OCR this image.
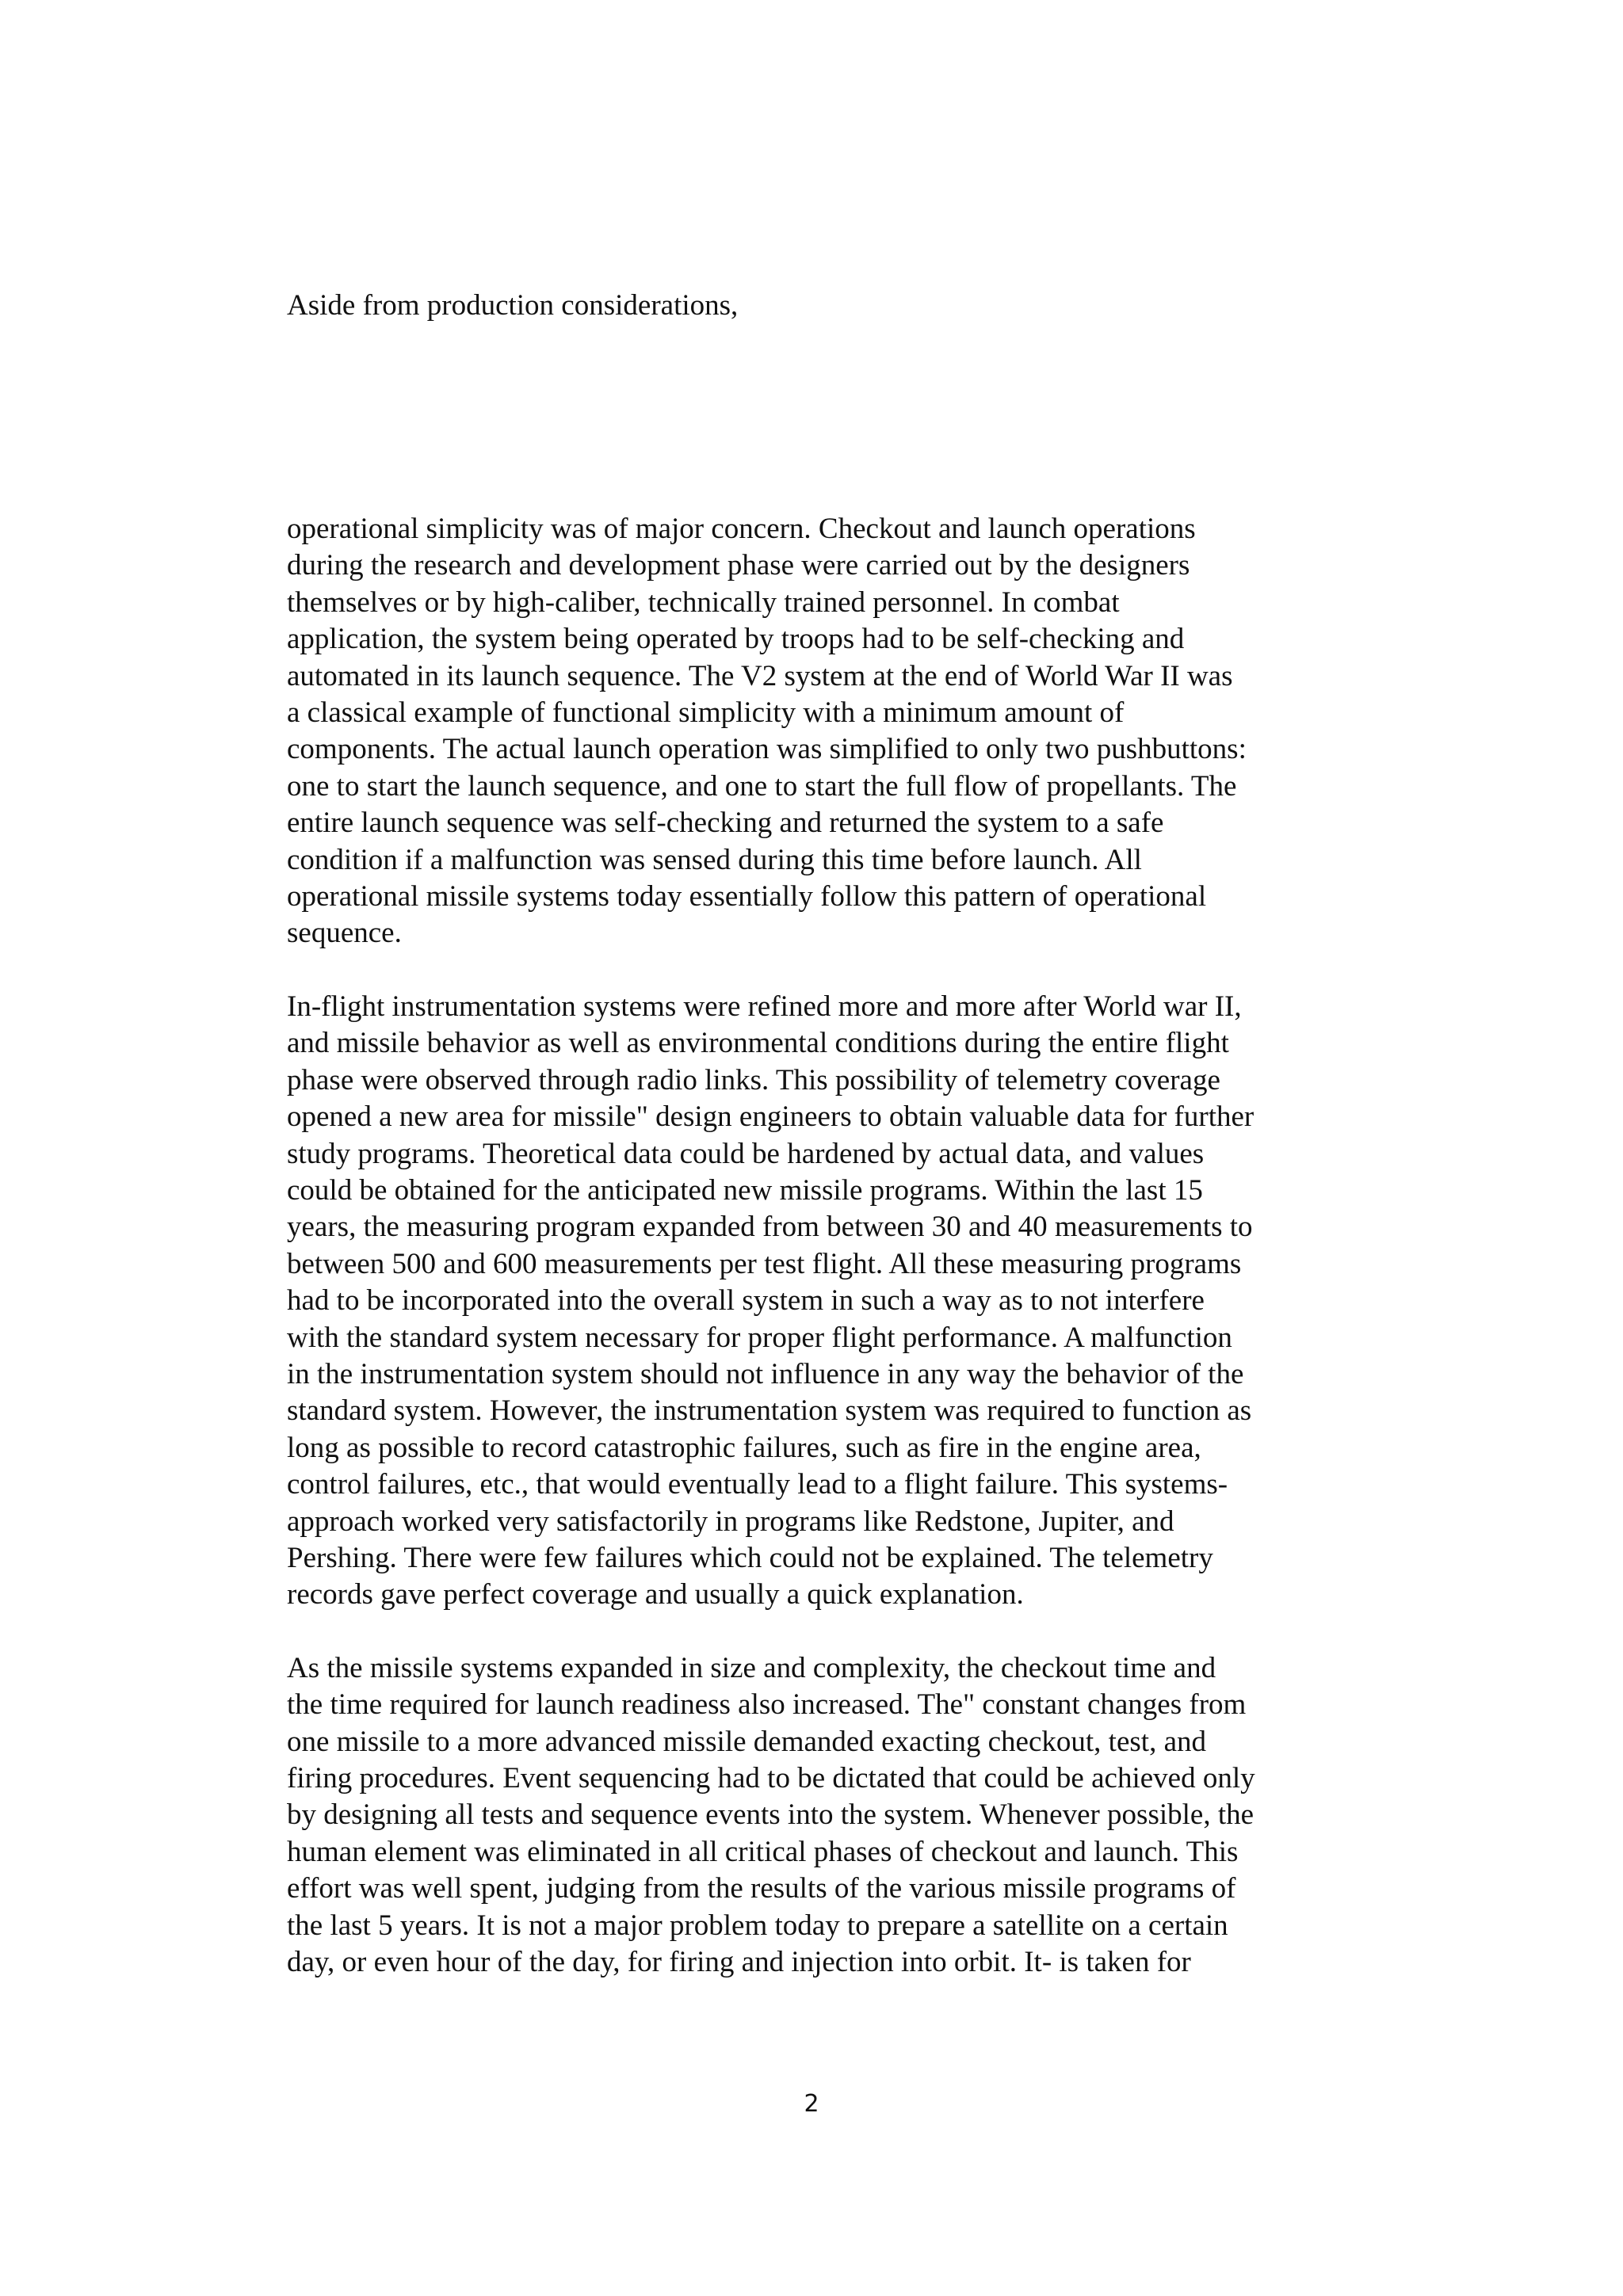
Aside from production considerations,
operational simplicity was of major concern. Checkout and launch operations
during the research and development phase were carried out by the designers
themselves or by high-caliber, technically trained personnel. In combat
application, the system being operated by troops had to be self-checking and
automated in its launch sequence. The V2 system at the end of World War II was
a classical example of functional simplicity with a minimum amount of
components. The actual launch operation was simplified to only two pushbuttons:
one to start the launch sequence, and one to start the full flow of propellants. The
entire launch sequence was self-checking and returned the system to a safe
condition if a malfunction was sensed during this time before launch. All
operational missile systems today essentially follow this pattern of operational
sequence.
In-flight instrumentation systems were refined more and more after World war II,
and missile behavior as well as environmental conditions during the entire flight
phase were observed through radio links. This possibility of telemetry coverage
opened a new area for missile" design engineers to obtain valuable data for further
study programs. Theoretical data could be hardened by actual data, and values
could be obtained for the anticipated new missile programs. Within the last 15
years, the measuring program expanded from between 30 and 40 measurements to
between 500 and 600 measurements per test flight. All these measuring programs
had to be incorporated into the overall system in such a way as to not interfere
with the standard system necessary for proper flight performance. A malfunction
in the instrumentation system should not influence in any way the behavior of the
standard system. However, the instrumentation system was required to function as
long as possible to record catastrophic failures, such as fire in the engine area,
control failures, etc., that would eventually lead to a flight failure. This systems-
approach worked very satisfactorily in programs like Redstone, Jupiter, and
Pershing. There were few failures which could not be explained. The telemetry
records gave perfect coverage and usually a quick explanation.
As the missile systems expanded in size and complexity, the checkout time and
the time required for launch readiness also increased. The" constant changes from
one missile to a more advanced missile demanded exacting checkout, test, and
firing procedures. Event sequencing had to be dictated that could be achieved only
by designing all tests and sequence events into the system. Whenever possible, the
human element was eliminated in all critical phases of checkout and launch. This
effort was well spent, judging from the results of the various missile programs of
the last 5 years. It is not a major problem today to prepare a satellite on a certain
day, or even hour of the day, for firing and injection into orbit. It- is taken for
2
